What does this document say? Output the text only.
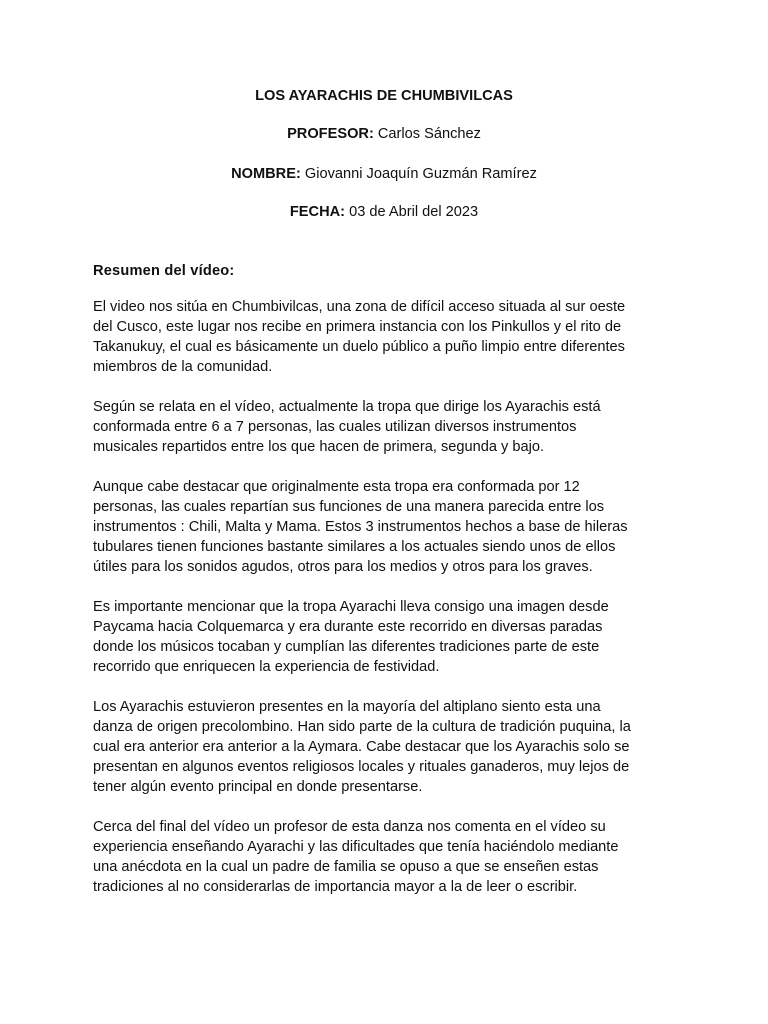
LOS AYARACHIS DE CHUMBIVILCAS
PROFESOR: Carlos Sánchez
NOMBRE: Giovanni Joaquín Guzmán Ramírez
FECHA: 03 de Abril del 2023
Resumen del vídeo:

El video nos sitúa en Chumbivilcas, una zona de difícil acceso situada al sur oeste
del Cusco, este lugar nos recibe en primera instancia con los Pinkullos y el rito de
Takanukuy, el cual es básicamente un duelo público a puño limpio entre diferentes
miembros de la comunidad.

Según se relata en el vídeo, actualmente la tropa que dirige los Ayarachis está
conformada entre 6 a 7 personas, las cuales utilizan diversos instrumentos
musicales repartidos entre los que hacen de primera, segunda y bajo.

Aunque cabe destacar que originalmente esta tropa era conformada por 12
personas, las cuales repartían sus funciones de una manera parecida entre los
instrumentos : Chili, Malta y Mama. Estos 3 instrumentos hechos a base de hileras
tubulares tienen funciones bastante similares a los actuales siendo unos de ellos
útiles para los sonidos agudos, otros para los medios y otros para los graves.

Es importante mencionar que la tropa Ayarachi lleva consigo una imagen desde
Paycama hacia Colquemarca y era durante este recorrido en diversas paradas
donde los músicos tocaban y cumplían las diferentes tradiciones parte de este
recorrido que enriquecen la experiencia de festividad.

Los Ayarachis estuvieron presentes en la mayoría del altiplano siento esta una
danza de origen precolombino. Han sido parte de la cultura de tradición puquina, la
cual era anterior era anterior a la Aymara. Cabe destacar que los Ayarachis solo se
presentan en algunos eventos religiosos locales y rituales ganaderos, muy lejos de
tener algún evento principal en donde presentarse.

Cerca del final del vídeo un profesor de esta danza nos comenta en el vídeo su
experiencia enseñando Ayarachi y las dificultades que tenía haciéndolo mediante
una anécdota en la cual un padre de familia se opuso a que se enseñen estas
tradiciones al no considerarlas de importancia mayor a la de leer o escribir.
